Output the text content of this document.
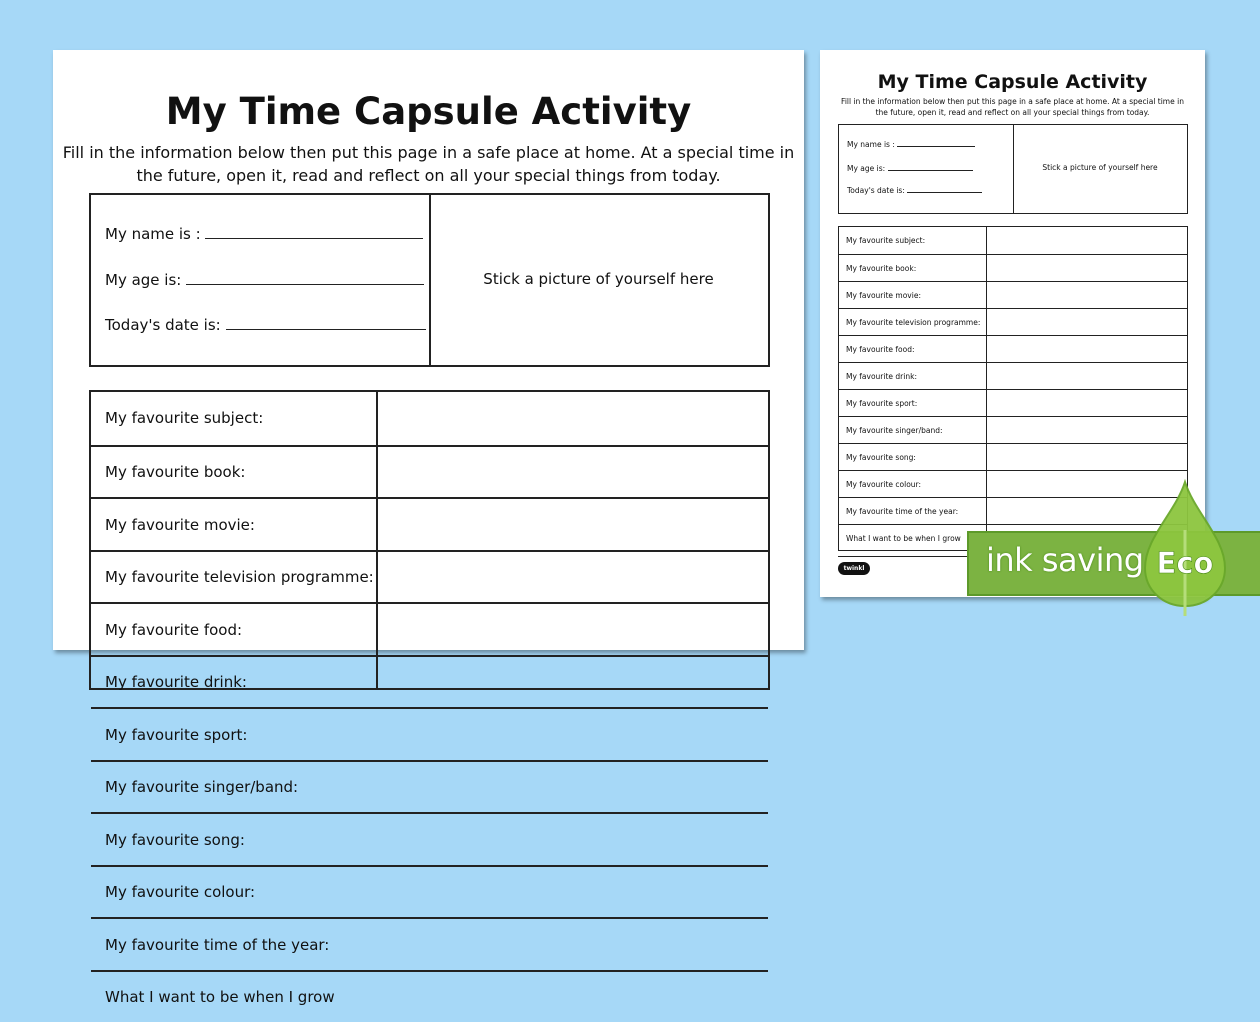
My Time Capsule Activity
Fill in the information below then put this page in a safe place at home. At a special time in
the future, open it, read and reflect on all your special things from today.
My name is :
My age is:
Today's date is:
Stick a picture of yourself here
My favourite subject:
My favourite book:
My favourite movie:
My favourite television programme:
My favourite food:
My favourite drink:
My favourite sport:
My favourite singer/band:
My favourite song:
My favourite colour:
My favourite time of the year:
What I want to be when I grow
My Time Capsule Activity
Fill in the information below then put this page in a safe place at home. At a special time in
the future, open it, read and reflect on all your special things from today.
My name is :
My age is:
Today's date is:
Stick a picture of yourself here
My favourite subject:
My favourite book:
My favourite movie:
My favourite television programme:
My favourite food:
My favourite drink:
My favourite sport:
My favourite singer/band:
My favourite song:
My favourite colour:
My favourite time of the year:
What I want to be when I grow
twinkl	ink saving Eco
